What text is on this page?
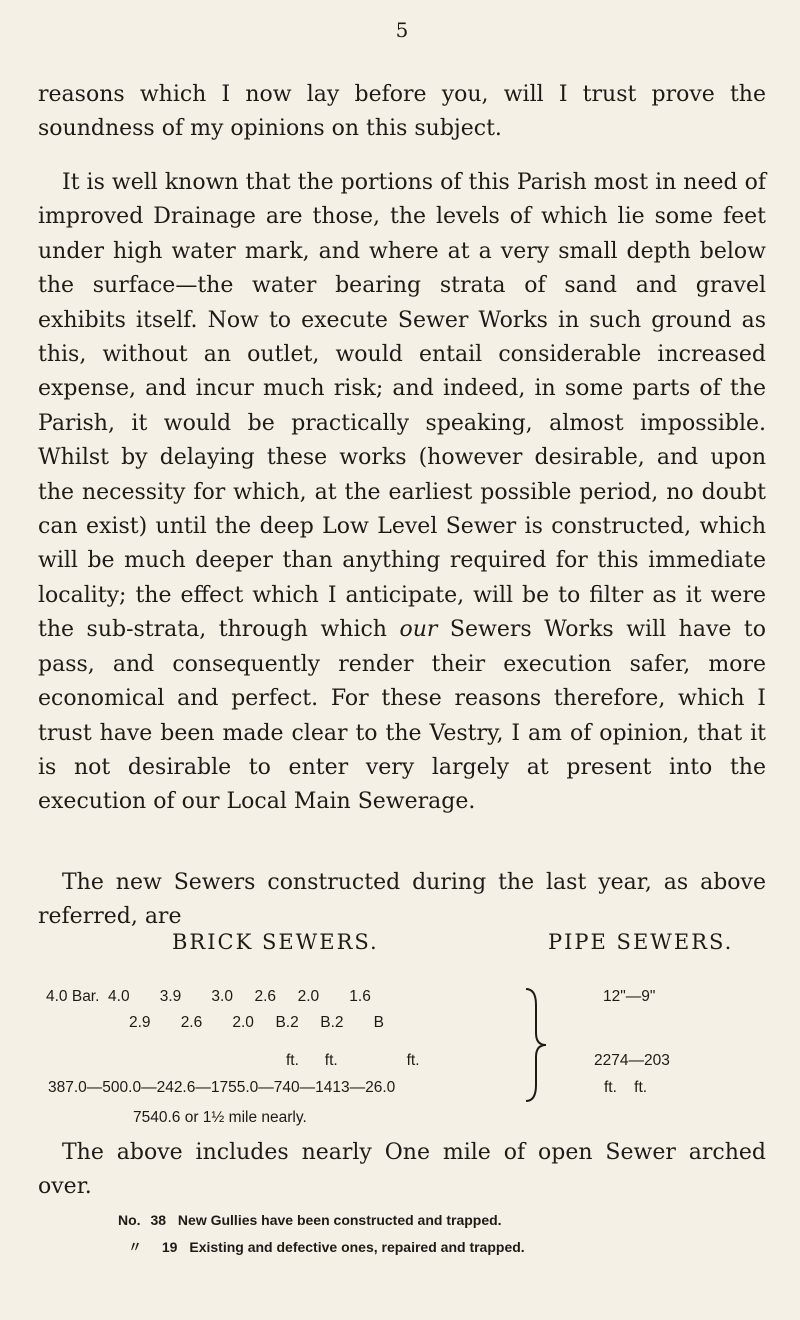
5

reasons which I now lay before you, will I trust prove the soundness of my opinions on this subject.

It is well known that the portions of this Parish most in need of improved Drainage are those, the levels of which lie some feet under high water mark, and where at a very small depth below the surface—the water bearing strata of sand and gravel exhibits itself. Now to execute Sewer Works in such ground as this, without an outlet, would entail considerable increased expense, and incur much risk; and indeed, in some parts of the Parish, it would be practically speaking, almost impossible. Whilst by delaying these works (however desirable, and upon the necessity for which, at the earliest possible period, no doubt can exist) until the deep Low Level Sewer is constructed, which will be much deeper than anything required for this immediate locality; the effect which I anticipate, will be to filter as it were the sub-strata, through which our Sewers Works will have to pass, and consequently render their execution safer, more economical and perfect. For these reasons therefore, which I trust have been made clear to the Vestry, I am of opinion, that it is not desirable to enter very largely at present into the execution of our Local Main Sewerage.

The new Sewers constructed during the last year, as above referred, are

BRICK SEWERS.	PIPE SEWERS.
4.0 Bar.  4.0       3.9       3.0     2.6     2.0       1.6
2.9       2.6       2.0     B.2     B.2       B
ft.      ft.                ft.
387.0—500.0—242.6—1755.0—740—1413—26.0
7540.6 or 1½ mile nearly.
12"—9"
2274—203
ft.    ft.

The above includes nearly One mile of open Sewer arched over.

No. 38 New Gullies have been constructed and trapped.
〃 19 Existing and defective ones, repaired and trapped.
